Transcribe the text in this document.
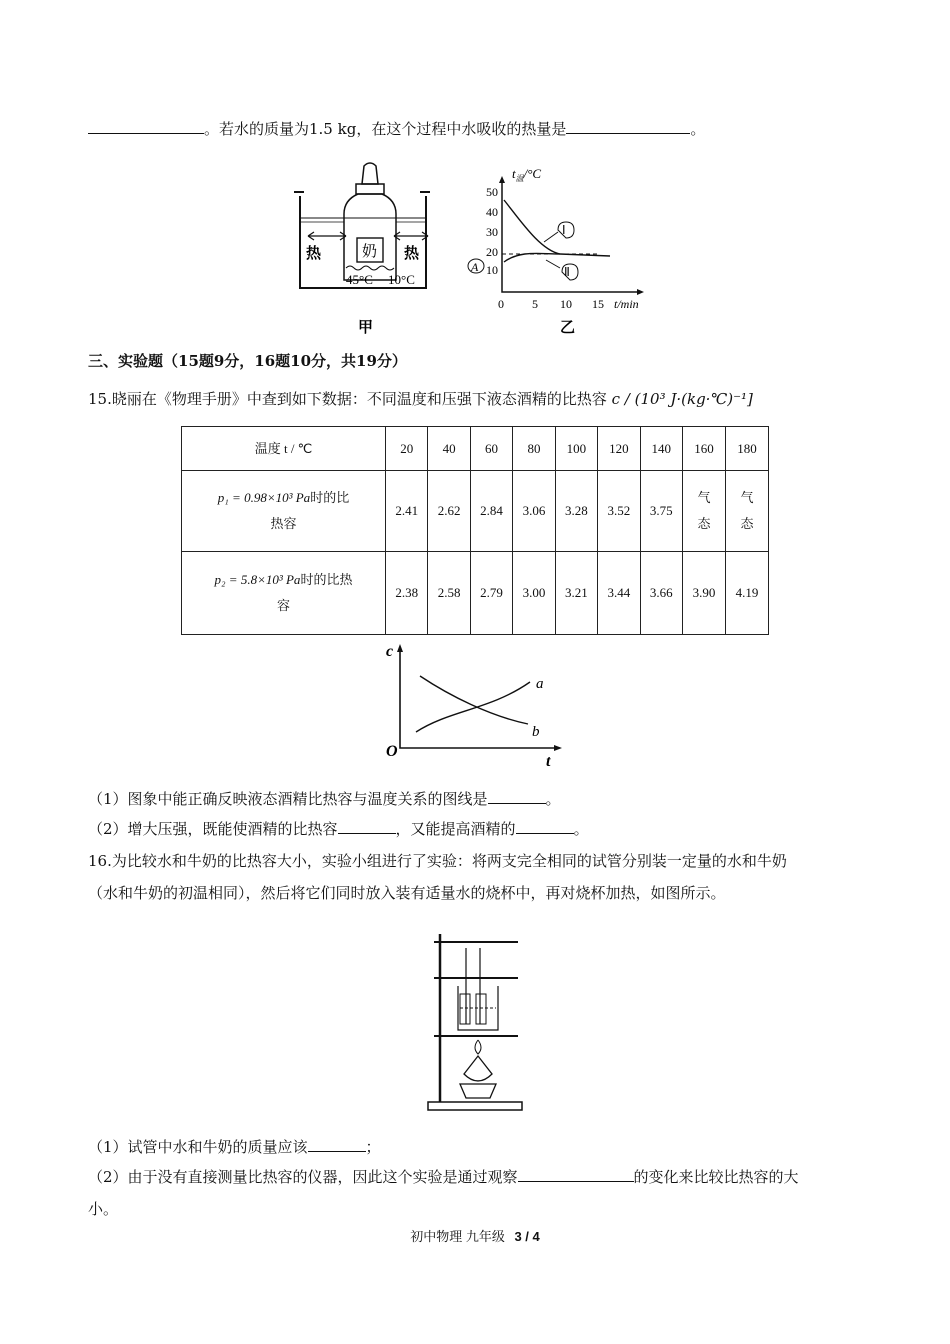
。若水的质量为1.5 kg，在这个过程中水吸收的热量是	。
热	热
奶
45°C 10°C
甲
$t_温/^\circ C$
50
40
30
20
10
0 5 10 15 t/min
A
Ⅰ
Ⅱ
乙
三、实验题（15题9分，16题10分，共19分）
15.晓丽在《物理手册》中查到如下数据：不同温度和压强下液态酒精的比热容 c / (10³ J·(kg·℃)⁻¹]
温度 t / ℃	20	40	60	80	100	120	140	160	180
p₁ = 0.98×10³ Pa时的比
热容	2.41	2.62	2.84	3.06	3.28	3.52	3.75	气态	气态
p₂ = 5.8×10³ Pa时的比热
容	2.38	2.58	2.79	3.00	3.21	3.44	3.66	3.90	4.19
c
t
O
a
b
（1）图象中能正确反映液态酒精比热容与温度关系的图线是	。
（2）增大压强，既能使酒精的比热容	，又能提高酒精的	。
16.为比较水和牛奶的比热容大小，实验小组进行了实验：将两支完全相同的试管分别装一定量的水和牛奶
（水和牛奶的初温相同），然后将它们同时放入装有适量水的烧杯中，再对烧杯加热，如图所示。
（1）试管中水和牛奶的质量应该	；
（2）由于没有直接测量比热容的仪器，因此这个实验是通过观察	的变化来比较比热容的大
小。
初中物理 九年级 3 / 4
